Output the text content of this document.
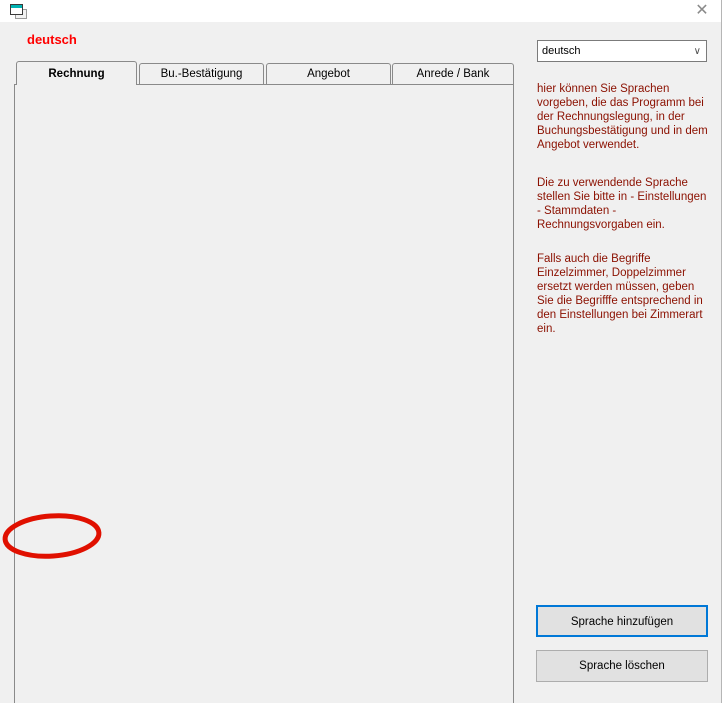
✕
deutsch
deutsch	∨
Rechnung	Bu.-Bestätigung	Angebot	Anrede / Bank
Unser Team bedankt sich für Ihren Besuch.
Wir berechnen Ihnen folgende Leistungen:
Buchungs Nr.
Datum:
Rechnung
Rechnung Nr.
Zimmer
Anreise
Abreise
MwSt.
Rechnungsbetrag
geleistete Zahlungen
Restbetrag
Rechnungsausgleich:
Netto
E-Preis
G-Preis
Anzahl
Bezeichnung
Betrag
Einheit
Pauschalpreis
enthalten
Bitte zahlen sofort nach Eingang der Rechnung.
Übernachtung
Übernachtungen
Hotelbar / Restaurant
hier können Sie Sprachen vorgeben, die das Programm bei der Rechnungslegung, in der Buchungsbestätigung und in dem Angebot verwendet.
Die zu verwendende Sprache stellen Sie bitte in - Einstellungen - Stammdaten - Rechnungsvorgaben ein.
Falls auch die Begriffe Einzelzimmer, Doppelzimmer ersetzt werden müssen, geben Sie die Begrifffe entsprechend in den Einstellungen bei Zimmerart ein.
Sprache hinzufügen
Sprache löschen
